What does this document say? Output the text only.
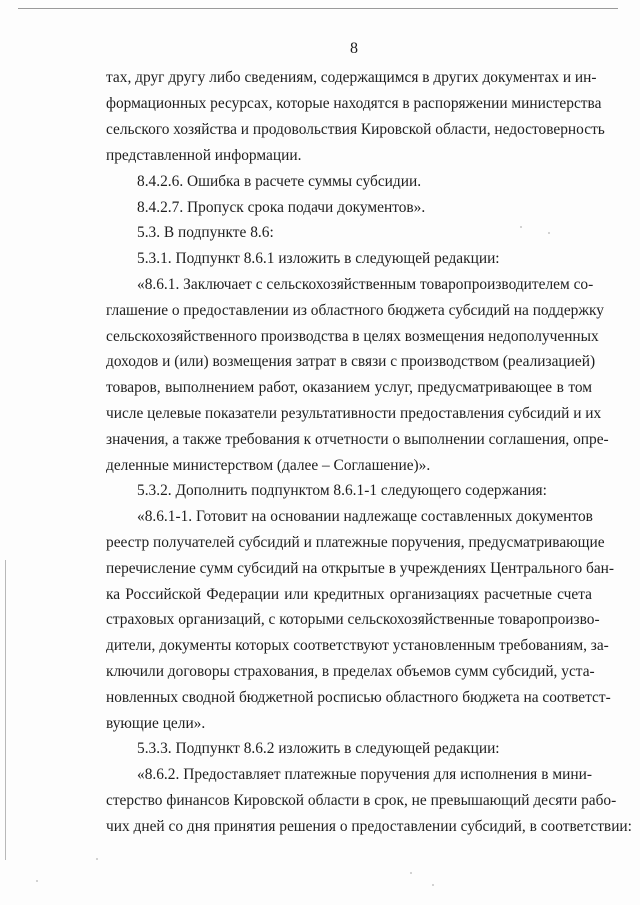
8
тах, друг другу либо сведениям, содержащимся в других документах и ин-
формационных ресурсах, которые находятся в распоряжении министерства
сельского хозяйства и продовольствия Кировской области, недостоверность
представленной информации.
8.4.2.6. Ошибка в расчете суммы субсидии.
8.4.2.7. Пропуск срока подачи документов».
5.3. В подпункте 8.6:
5.3.1. Подпункт 8.6.1 изложить в следующей редакции:
«8.6.1. Заключает с сельскохозяйственным товаропроизводителем со-
глашение о предоставлении из областного бюджета субсидий на поддержку
сельскохозяйственного производства в целях возмещения недополученных
доходов и (или) возмещения затрат в связи с производством (реализацией)
товаров, выполнением работ, оказанием услуг, предусматривающее в том
числе целевые показатели результативности предоставления субсидий и их
значения, а также требования к отчетности о выполнении соглашения, опре-
деленные министерством (далее – Соглашение)».
5.3.2. Дополнить подпунктом 8.6.1-1 следующего содержания:
«8.6.1-1. Готовит на основании надлежаще составленных документов
реестр получателей субсидий и платежные поручения, предусматривающие
перечисление сумм субсидий на открытые в учреждениях Центрального бан-
ка Российской Федерации или кредитных организациях расчетные счета
страховых организаций, с которыми сельскохозяйственные товаропроизво-
дители, документы которых соответствуют установленным требованиям, за-
ключили договоры страхования, в пределах объемов сумм субсидий, уста-
новленных сводной бюджетной росписью областного бюджета на соответст-
вующие цели».
5.3.3. Подпункт 8.6.2 изложить в следующей редакции:
«8.6.2. Предоставляет платежные поручения для исполнения в мини-
стерство финансов Кировской области в срок, не превышающий десяти рабо-
чих дней со дня принятия решения о предоставлении субсидий, в соответствии:
